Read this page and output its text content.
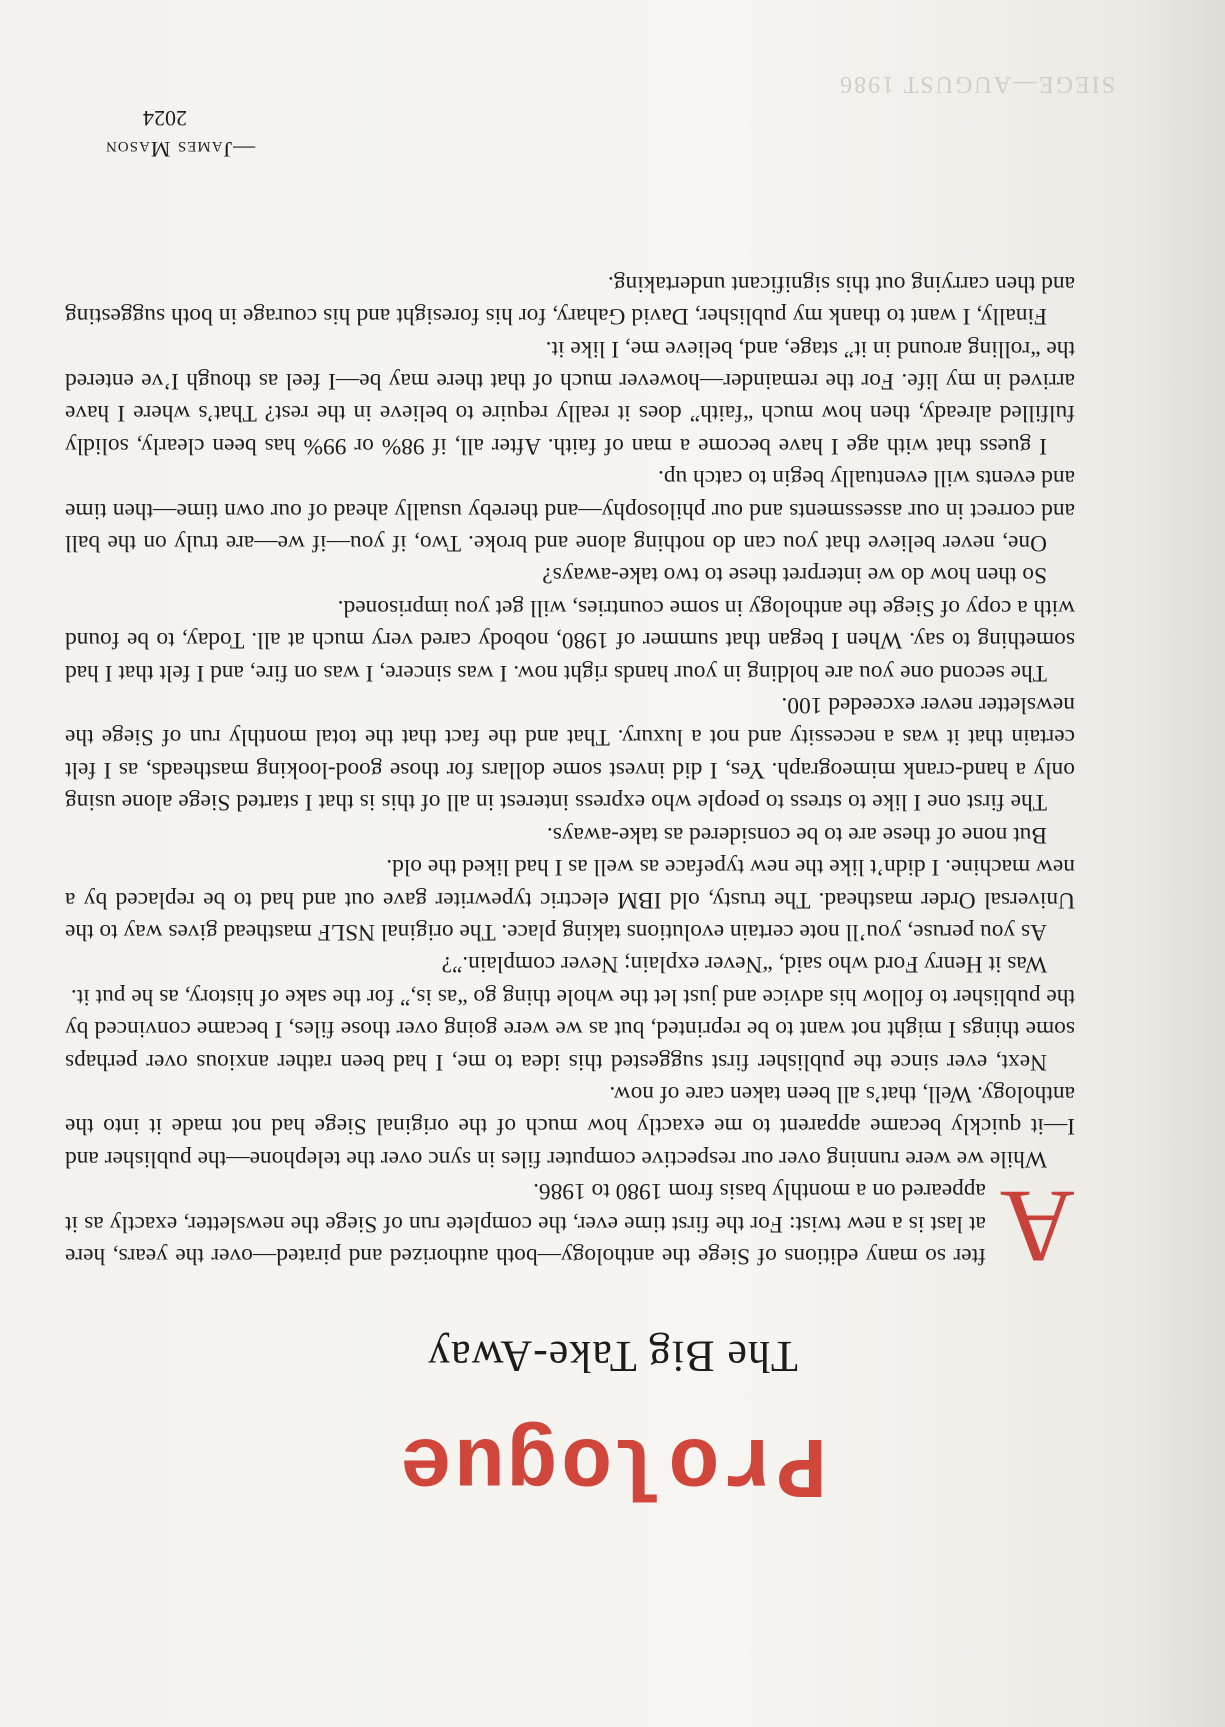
SIEGE—AUGUST 1986
Prologue
The Big Take-Away

A
fter so many editions of Siege the anthology—both authorized and pirated—over the years, here at last is a new twist: For the first time ever, the complete run of Siege the newsletter, exactly as it appeared on a monthly basis from 1980 to 1986.

While we were running over our respective computer files in sync over the telephone—the publisher and I—it quickly became apparent to me exactly how much of the original Siege had not made it into the anthology. Well, that’s all been taken care of now.

Next, ever since the publisher first suggested this idea to me, I had been rather anxious over perhaps some things I might not want to be reprinted, but as we were going over those files, I became convinced by the publisher to follow his advice and just let the whole thing go “as is,” for the sake of history, as he put it.

Was it Henry Ford who said, “Never explain; Never complain.”?

As you peruse, you’ll note certain evolutions taking place. The original NSLF masthead gives way to the Universal Order masthead. The trusty, old IBM electric typewriter gave out and had to be replaced by a new machine. I didn’t like the new typeface as well as I had liked the old.

But none of these are to be considered as take-aways.

The first one I like to stress to people who express interest in all of this is that I started Siege alone using only a hand-crank mimeograph. Yes, I did invest some dollars for those good-looking mastheads, as I felt certain that it was a necessity and not a luxury. That and the fact that the total monthly run of Siege the newsletter never exceeded 100.

The second one you are holding in your hands right now. I was sincere, I was on fire, and I felt that I had something to say. When I began that summer of 1980, nobody cared very much at all. Today, to be found with a copy of Siege the anthology in some countries, will get you imprisoned.

So then how do we interpret these to two take-aways?

One, never believe that you can do nothing alone and broke. Two, if you—if we—are truly on the ball and correct in our assessments and our philosophy—and thereby usually ahead of our own time—then time and events will eventually begin to catch up.

I guess that with age I have become a man of faith. After all, if 98% or 99% has been clearly, solidly fulfilled already, then how much “faith” does it really require to believe in the rest? That’s where I have arrived in my life. For the remainder—however much of that there may be—I feel as though I’ve entered the “rolling around in it” stage, and, believe me, I like it.

Finally, I want to thank my publisher, David Gahary, for his foresight and his courage in both suggesting and then carrying out this significant undertaking.

—James Mason
2024
